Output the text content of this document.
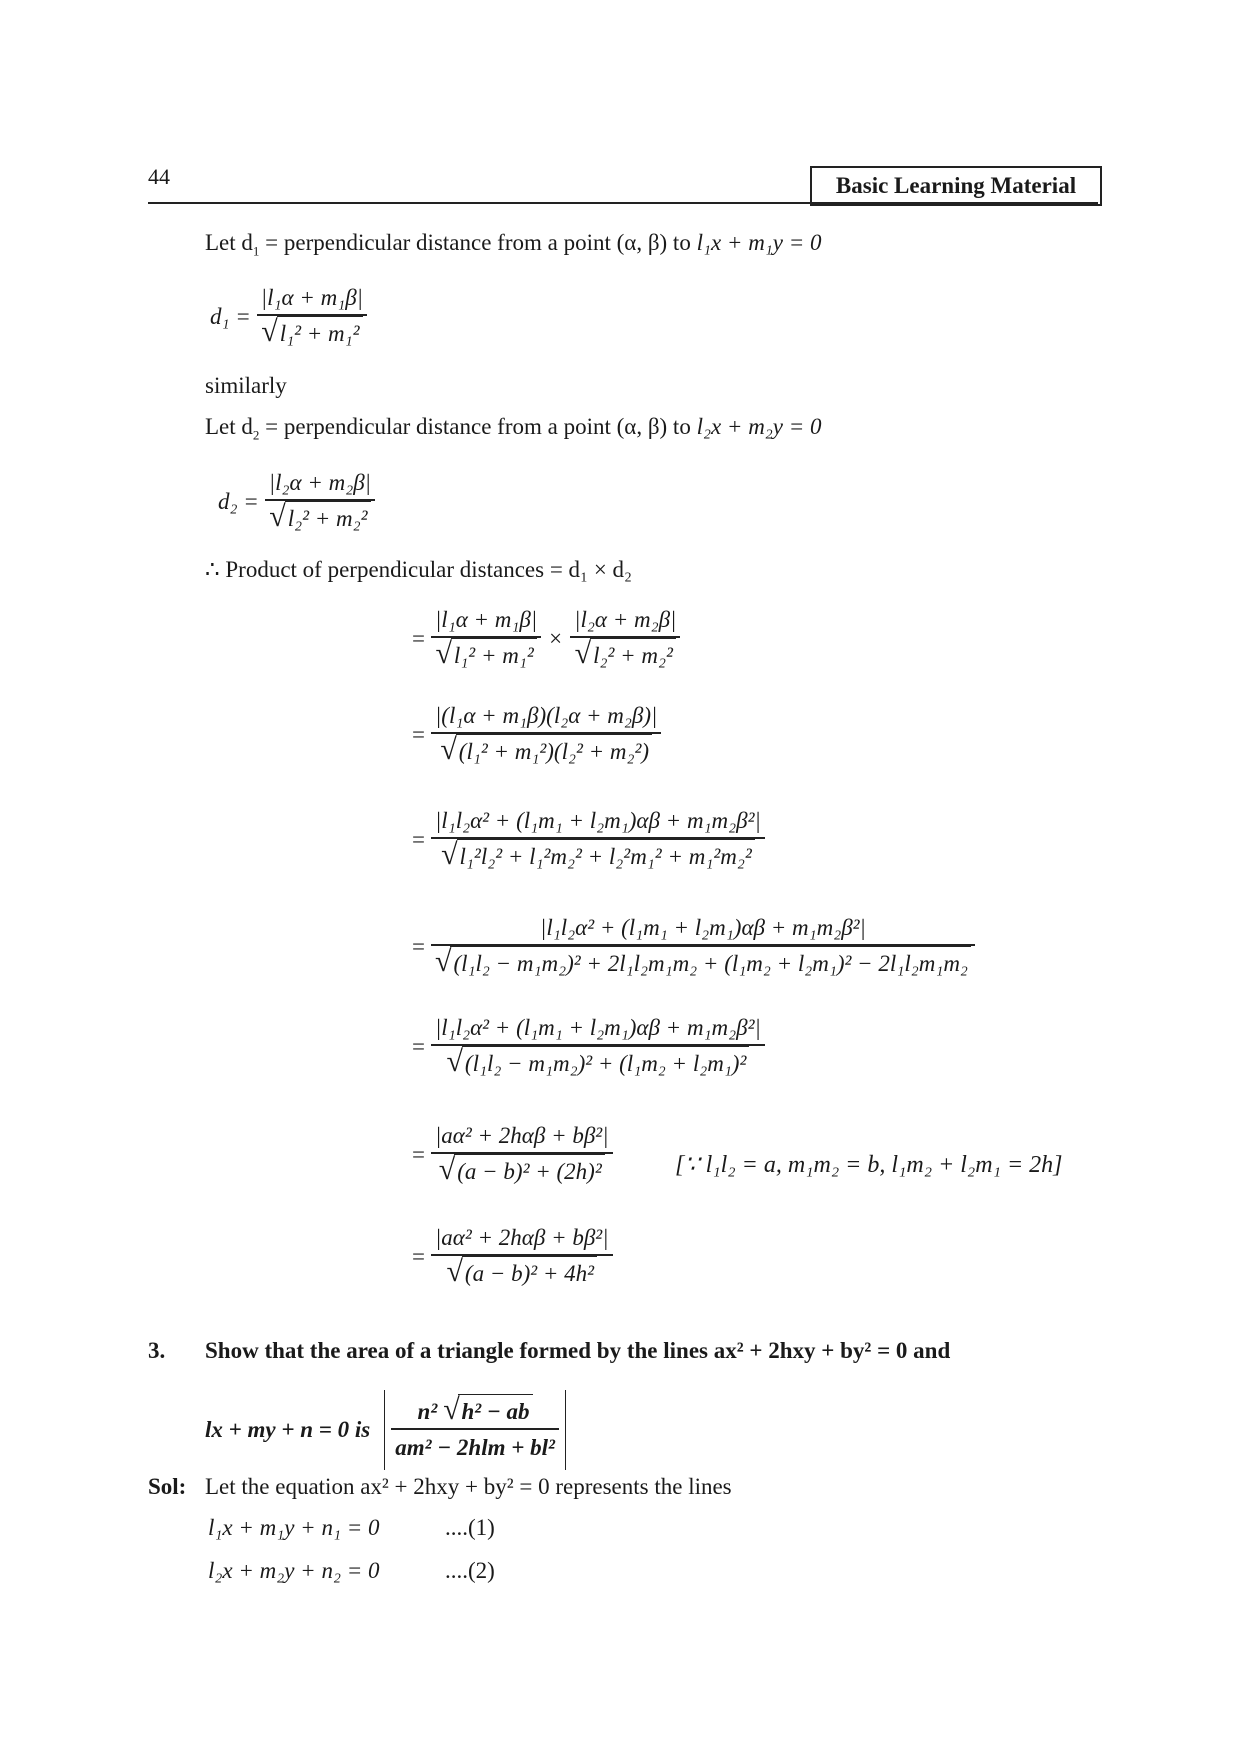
44	Basic Learning Material
Let $d_1$ = perpendicular distance from a point (α, β) to l₁x + m₁y = 0
$d_1 = \frac{\text{|l₁α + m₁β|}}{\text{√ l₁² + m₁²}}$
similarly
Let $d_2$ = perpendicular distance from a point (α, β) to l₂x + m₂y = 0
$d_2 = \frac{\text{|l₂α + m₂β|}}{\text{√ l₂² + m₂²}}$
∴ Product of perpendicular distances = d₁ × d₂
= $\frac{\text{|l₁α + m₁β|}}{\text{√ l₁² + m₁²}} \times \frac{\text{|l₂α + m₂β|}}{\text{√ l₂² + m₂²}}$
= $\frac{\text{|(l₁α + m₁β)(l₂α + m₂β)|}}{\text{√ (l₁² + m₁²)(l₂² + m₂²)}}$
= $\frac{\text{|l₁l₂α² + (l₁m₁ + l₂m₁)αβ + m₁m₂β²|}}{\text{√ l₁²l₂² + l₁²m₂² + l₂²m₁² + m₁²m₂²}}$
= $\frac{\text{|l₁l₂α² + (l₁m₁ + l₂m₁)αβ + m₁m₂β²|}}{\text{√ (l₁l₂ − m₁m₂)² + 2l₁l₂m₁m₂ + (l₁m₂ + l₂m₁)² − 2l₁l₂m₁m₂}}$
= $\frac{\text{|l₁l₂α² + (l₁m₁ + l₂m₁)αβ + m₁m₂β²|}}{\text{√ (l₁l₂ − m₁m₂)² + (l₁m₂ + l₂m₁)²}}$
= $\frac{\text{|aα² + 2hαβ + bβ²|}}{\text{√ (a − b)² + (2h)²}}$	[∵ l₁l₂ = a, m₁m₂ = b, l₁m₂ + l₂m₁ = 2h]
= $\frac{\text{|aα² + 2hαβ + bβ²|}}{\text{√ (a − b)² + 4h²}}$
3. Show that the area of a triangle formed by the lines ax² + 2hxy + by² = 0 and
lx + my + n = 0 is $\frac{\text{n² √ h² − ab}}{\text{am² − 2hlm + bl²}}$
Sol: Let the equation ax² + 2hxy + by² = 0 represents the lines
l₁x + m₁y + n₁ = 0	....(1)
l₂x + m₂y + n₂ = 0	....(2)
